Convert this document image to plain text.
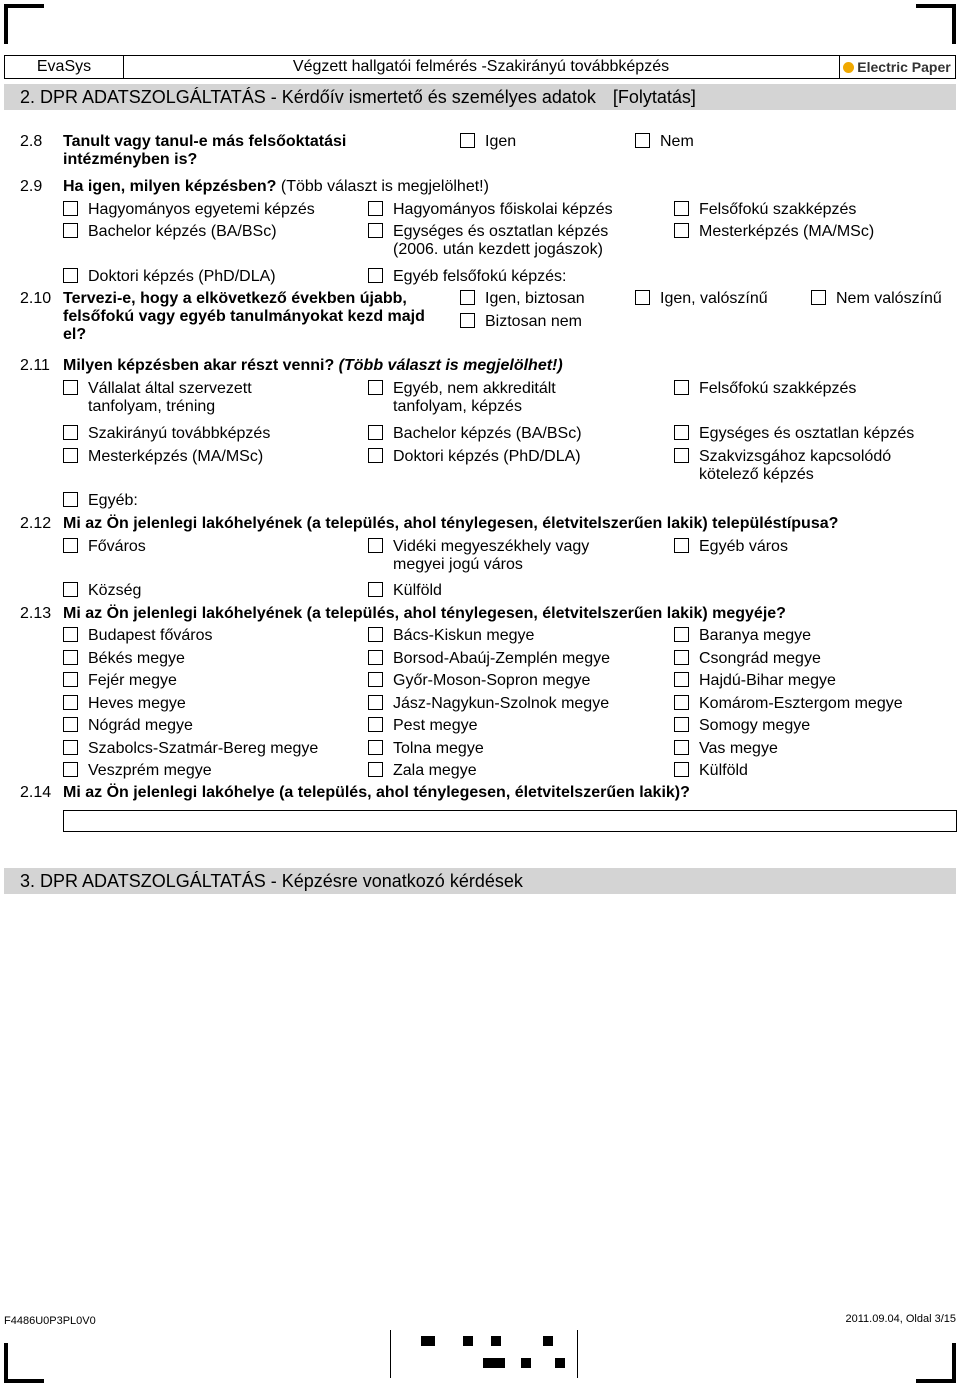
EvaSys	Végzett hallgatói felmérés -Szakirányú továbbképzés	Electric Paper
2. DPR ADATSZOLGÁLTATÁS - Kérdőív ismertető és személyes adatok [Folytatás]
2.8 Tanult vagy tanul-e más felsőoktatási intézményben is?
Igen	Nem
2.9 Ha igen, milyen képzésben? (Több választ is megjelölhet!)
Hagyományos egyetemi képzés	Hagyományos főiskolai képzés	Felsőfokú szakképzés
Bachelor képzés (BA/BSc)	Egységes és osztatlan képzés (2006. után kezdett jogászok)
Mesterképzés (MA/MSc)
Doktori képzés (PhD/DLA)	Egyéb felsőfokú képzés:
2.10 Tervezi-e, hogy a elkövetkező években újabb, felsőfokú vagy egyéb tanulmányokat kezd majd el?
Igen, biztosan	Igen, valószínű	Nem valószínű
Biztosan nem
2.11 Milyen képzésben akar részt venni? (Több választ is megjelölhet!)
Vállalat által szervezett tanfolyam, tréning
Egyéb, nem akkreditált tanfolyam, képzés
Felsőfokú szakképzés
Szakirányú továbbképzés	Bachelor képzés (BA/BSc)	Egységes és osztatlan képzés
Mesterképzés (MA/MSc)	Doktori képzés (PhD/DLA)	Szakvizsgához kapcsolódó kötelező képzés
Egyéb:
2.12 Mi az Ön jelenlegi lakóhelyének (a település, ahol ténylegesen, életvitelszerűen lakik) településtípusa?
Főváros	Vidéki megyeszékhely vagy megyei jogú város
Egyéb város
Község	Külföld
2.13 Mi az Ön jelenlegi lakóhelyének (a település, ahol ténylegesen, életvitelszerűen lakik) megyéje?
Budapest főváros	Bács-Kiskun megye	Baranya megye
Békés megye	Borsod-Abaúj-Zemplén megye	Csongrád megye
Fejér megye	Győr-Moson-Sopron megye	Hajdú-Bihar megye
Heves megye	Jász-Nagykun-Szolnok megye	Komárom-Esztergom megye
Nógrád megye	Pest megye	Somogy megye
Szabolcs-Szatmár-Bereg megye	Tolna megye	Vas megye
Veszprém megye	Zala megye	Külföld
2.14 Mi az Ön jelenlegi lakóhelye (a település, ahol ténylegesen, életvitelszerűen lakik)?
3. DPR ADATSZOLGÁLTATÁS - Képzésre vonatkozó kérdések
F4486U0P3PL0V0	2011.09.04, Oldal 3/15
